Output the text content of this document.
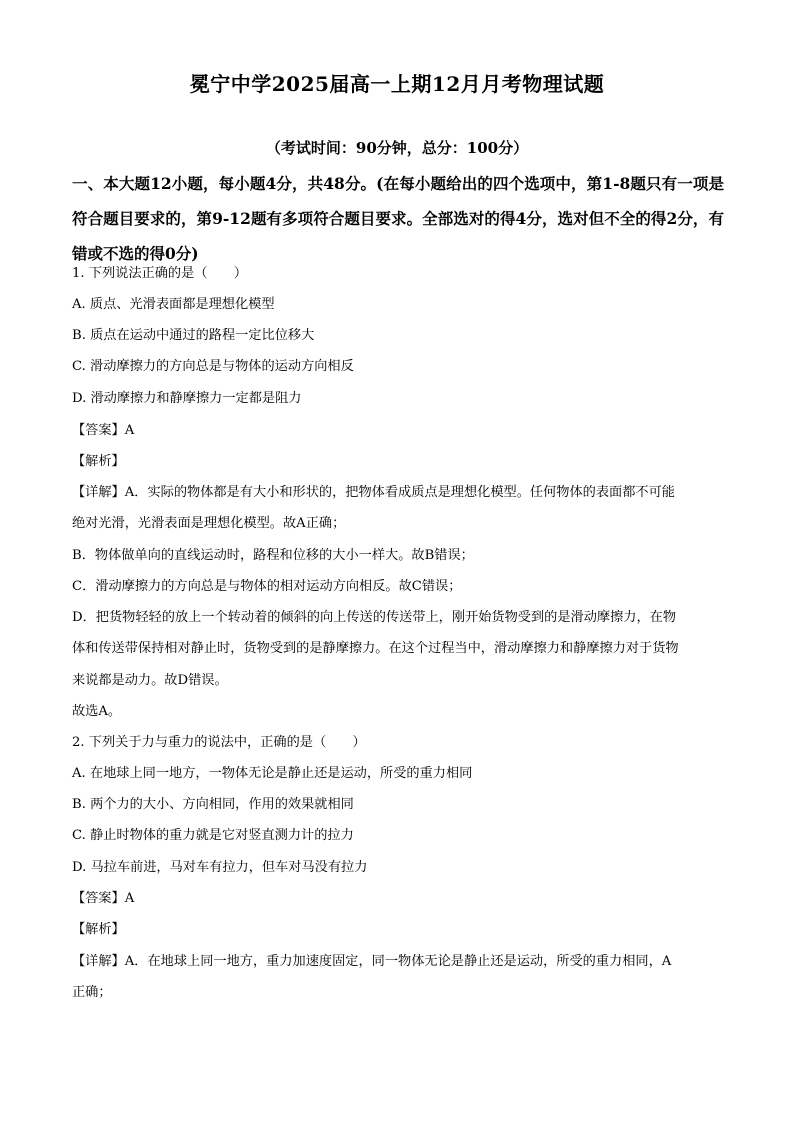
冕宁中学2025届高一上期12月月考物理试题
（考试时间：90分钟，总分：100分）
一、本大题12小题，每小题4分，共48分。(在每小题给出的四个选项中，第1-8题只有一项是符合题目要求的，第9-12题有多项符合题目要求。全部选对的得4分，选对但不全的得2分，有错或不选的得0分)
1. 下列说法正确的是（　　）
A. 质点、光滑表面都是理想化模型
B. 质点在运动中通过的路程一定比位移大
C. 滑动摩擦力的方向总是与物体的运动方向相反
D. 滑动摩擦力和静摩擦力一定都是阻力
【答案】A
【解析】
【详解】A．实际的物体都是有大小和形状的，把物体看成质点是理想化模型。任何物体的表面都不可能
绝对光滑，光滑表面是理想化模型。故A正确；
B．物体做单向的直线运动时，路程和位移的大小一样大。故B错误；
C．滑动摩擦力的方向总是与物体的相对运动方向相反。故C错误；
D．把货物轻轻的放上一个转动着的倾斜的向上传送的传送带上，刚开始货物受到的是滑动摩擦力，在物
体和传送带保持相对静止时，货物受到的是静摩擦力。在这个过程当中，滑动摩擦力和静摩擦力对于货物
来说都是动力。故D错误。
故选A。
2. 下列关于力与重力的说法中，正确的是（　　）
A. 在地球上同一地方，一物体无论是静止还是运动，所受的重力相同
B. 两个力的大小、方向相同，作用的效果就相同
C. 静止时物体的重力就是它对竖直测力计的拉力
D. 马拉车前进，马对车有拉力，但车对马没有拉力
【答案】A
【解析】
【详解】A．在地球上同一地方，重力加速度固定，同一物体无论是静止还是运动，所受的重力相同，A
正确；
